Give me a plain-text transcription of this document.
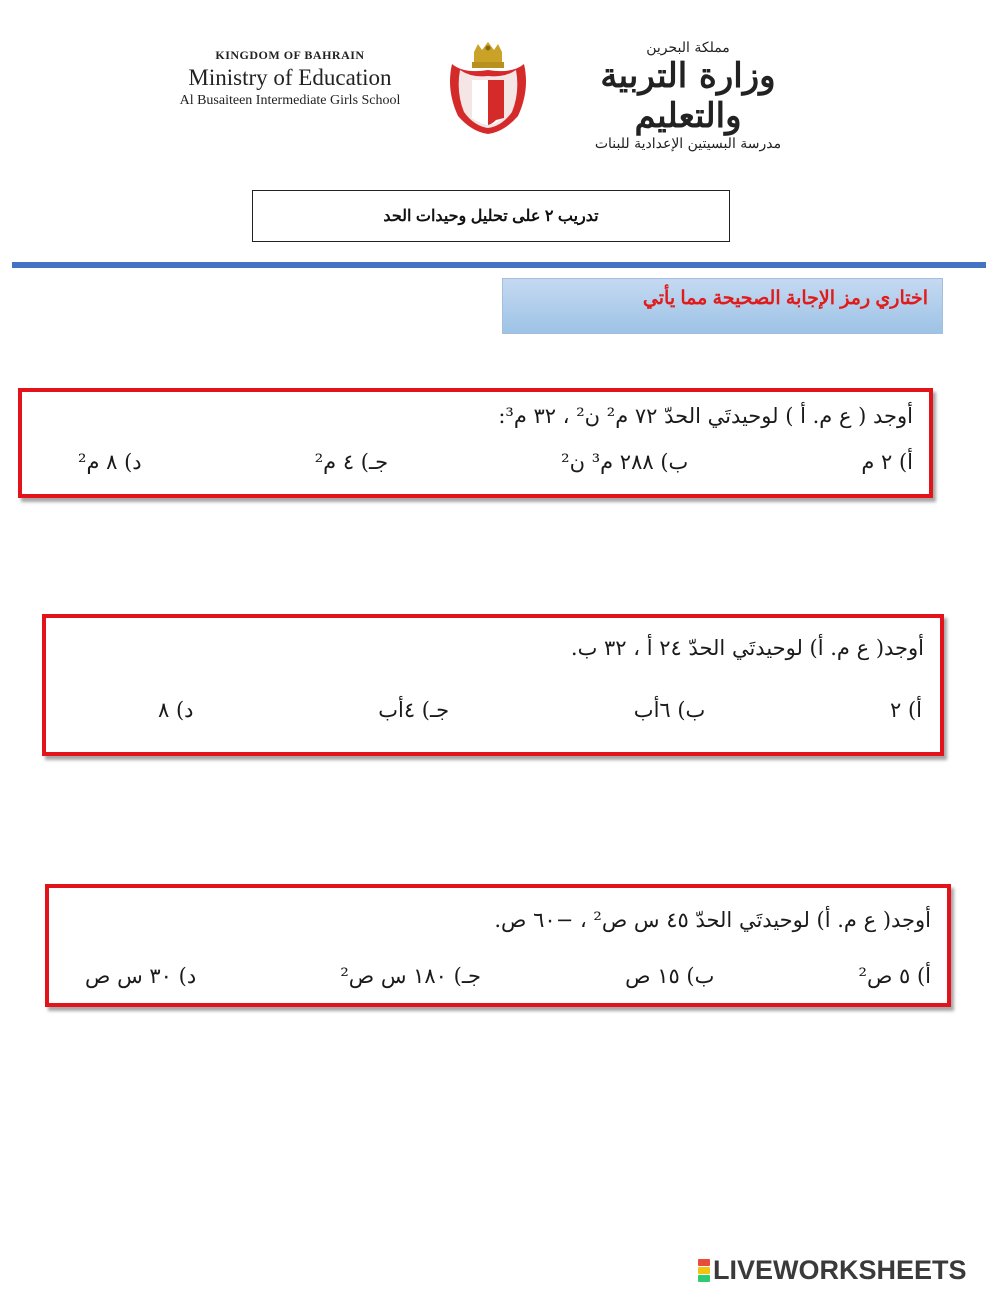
KINGDOM OF BAHRAIN
Ministry of Education
Al Busaiteen Intermediate Girls School
مملكة البحرين
وزارة التربية والتعليم
مدرسة البسيتين الإعدادية للبنات
تدريب ٢ على تحليل وحيدات الحد
اختاري رمز الإجابة الصحيحة مما يأتي
أوجد ( ع م. أ ) لوحيدتَي الحدّ ٧٢ م² ن² ، ٣٢ م³:
أ) ٢ م
ب) ٢٨٨ م³ ن²
جـ) ٤ م²
د) ٨ م²
أوجد( ع م. أ) لوحيدتَي الحدّ ٢٤ أ ، ٣٢ ب.
أ) ٢
ب) ٦أب
جـ) ٤أب
د) ٨
أوجد( ع م. أ) لوحيدتَي الحدّ ٤٥ س ص² ، −٦٠ ص.
أ) ٥ ص²
ب) ١٥ ص
جـ) ١٨٠ س ص²
د) ٣٠ س ص
LIVEWORKSHEETS
